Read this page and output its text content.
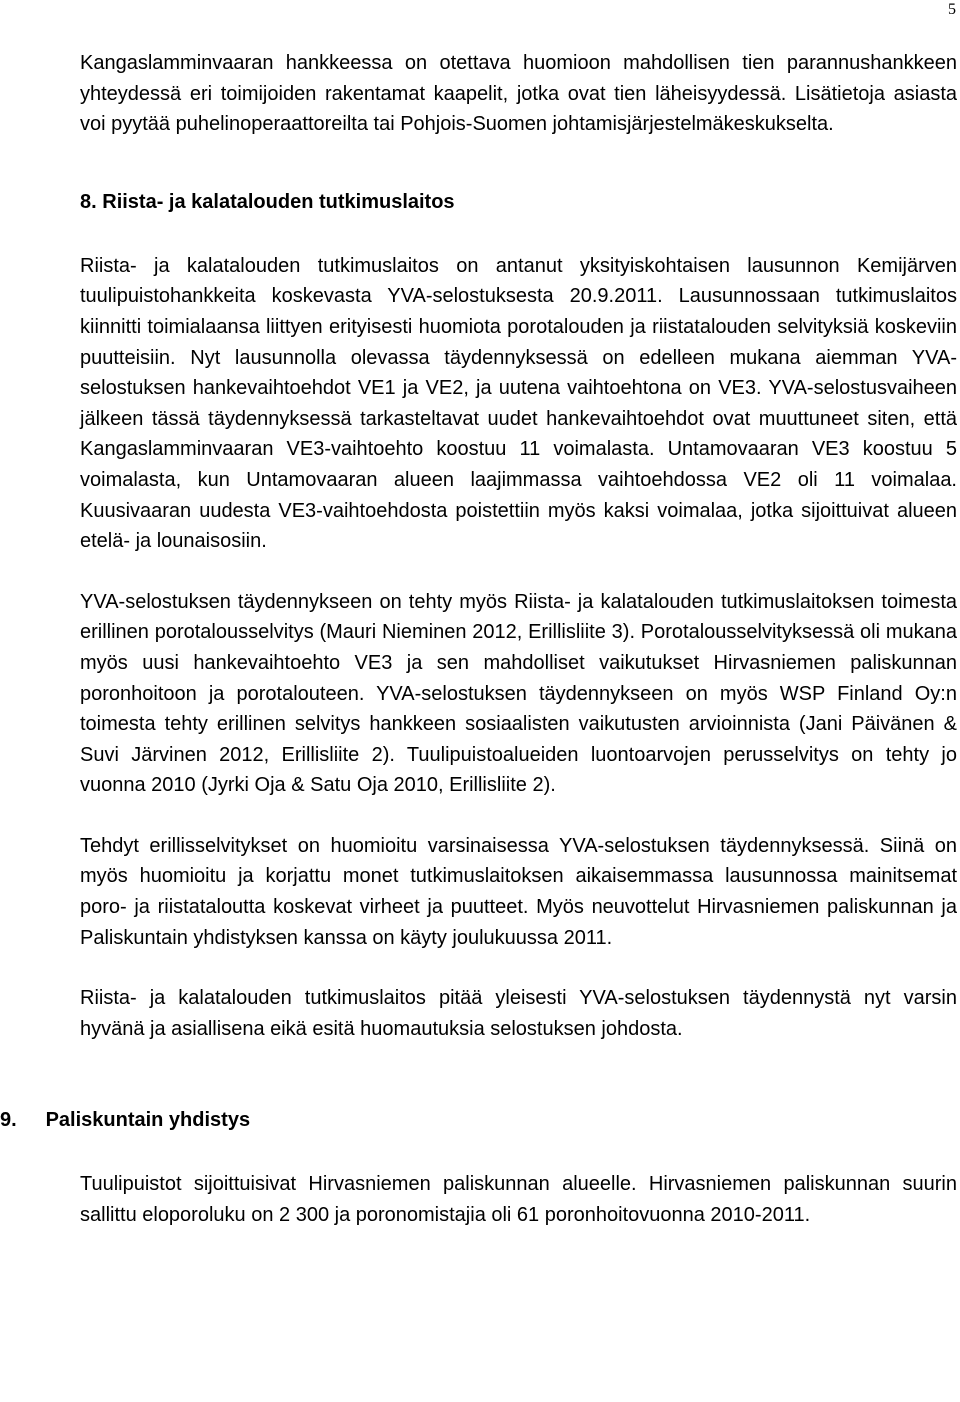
5

Kangaslamminvaaran hankkeessa on otettava huomioon mahdollisen tien parannushankkeen yhteydessä eri toimijoiden rakentamat kaapelit, jotka ovat tien läheisyydessä. Lisätietoja asiasta voi pyytää puhelinoperaattoreilta tai Pohjois-Suomen johtamisjärjestelmäkeskukselta.

8. Riista- ja kalatalouden tutkimuslaitos

Riista- ja kalatalouden tutkimuslaitos on antanut yksityiskohtaisen lausunnon Kemijärven tuulipuistohankkeita koskevasta YVA-selostuksesta 20.9.2011. Lausunnossaan tutkimuslaitos kiinnitti toimialaansa liittyen erityisesti huomiota porotalouden ja riistatalouden selvityksiä koskeviin puutteisiin. Nyt lausunnolla olevassa täydennyksessä on edelleen mukana aiemman YVA-selostuksen hankevaihtoehdot VE1 ja VE2, ja uutena vaihtoehtona on VE3. YVA-selostusvaiheen jälkeen tässä täydennyksessä tarkasteltavat uudet hankevaihtoehdot ovat muuttuneet siten, että Kangaslamminvaaran VE3-vaihtoehto koostuu 11 voimalasta. Untamovaaran VE3 koostuu 5 voimalasta, kun Untamovaaran alueen laajimmassa vaihtoehdossa VE2 oli 11 voimalaa. Kuusivaaran uudesta VE3-vaihtoehdosta poistettiin myös kaksi voimalaa, jotka sijoittuivat alueen etelä- ja lounaisosiin.

YVA-selostuksen täydennykseen on tehty myös Riista- ja kalatalouden tutkimuslaitoksen toimesta erillinen porotalousselvitys (Mauri Nieminen 2012, Erillisliite 3). Porotalousselvityksessä oli mukana myös uusi hankevaihtoehto VE3 ja sen mahdolliset vaikutukset Hirvasniemen paliskunnan poronhoitoon ja porotalouteen. YVA-selostuksen täydennykseen on myös WSP Finland Oy:n toimesta tehty erillinen selvitys hankkeen sosiaalisten vaikutusten arvioinnista (Jani Päivänen & Suvi Järvinen 2012, Erillisliite 2). Tuulipuistoalueiden luontoarvojen perusselvitys on tehty jo vuonna 2010 (Jyrki Oja & Satu Oja 2010, Erillisliite 2).

Tehdyt erillisselvitykset on huomioitu varsinaisessa YVA-selostuksen täydennyksessä. Siinä on myös huomioitu ja korjattu monet tutkimuslaitoksen aikaisemmassa lausunnossa mainitsemat poro- ja riistataloutta koskevat virheet ja puutteet. Myös neuvottelut Hirvasniemen paliskunnan ja Paliskuntain yhdistyksen kanssa on käyty joulukuussa 2011.

Riista- ja kalatalouden tutkimuslaitos pitää yleisesti YVA-selostuksen täydennystä nyt varsin hyvänä ja asiallisena eikä esitä huomautuksia selostuksen johdosta.

9. Paliskuntain yhdistys

Tuulipuistot sijoittuisivat Hirvasniemen paliskunnan alueelle. Hirvasniemen paliskunnan suurin sallittu eloporoluku on 2 300 ja poronomistajia oli 61 poronhoitovuonna 2010-2011.
